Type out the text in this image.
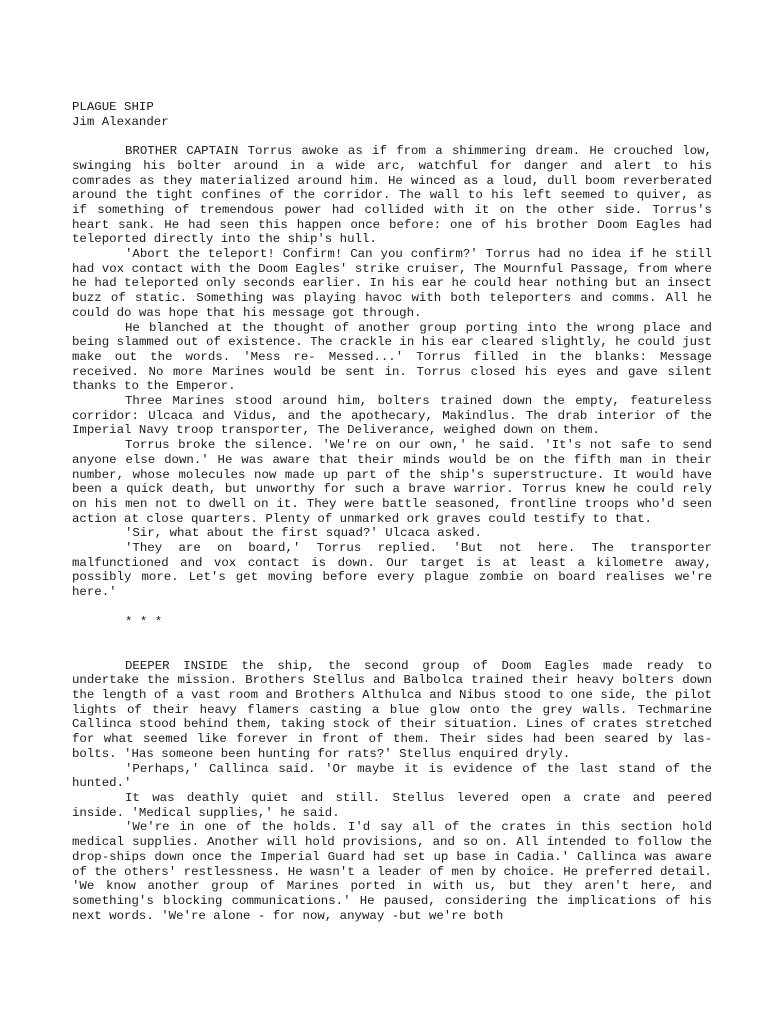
PLAGUE SHIP
Jim Alexander

BROTHER CAPTAIN Torrus awoke as if from a shimmering dream. He crouched low, swinging his bolter around in a wide arc, watchful for danger and alert to his comrades as they materialized around him. He winced as a loud, dull boom reverberated around the tight confines of the corridor. The wall to his left seemed to quiver, as if something of tremendous power had collided with it on the other side. Torrus's heart sank. He had seen this happen once before: one of his brother Doom Eagles had teleported directly into the ship's hull.

'Abort the teleport! Confirm! Can you confirm?' Torrus had no idea if he still had vox contact with the Doom Eagles' strike cruiser, The Mournful Passage, from where he had teleported only seconds earlier. In his ear he could hear nothing but an insect buzz of static. Something was playing havoc with both teleporters and comms. All he could do was hope that his message got through.

He blanched at the thought of another group porting into the wrong place and being slammed out of existence. The crackle in his ear cleared slightly, he could just make out the words. 'Mess re- Messed...' Torrus filled in the blanks: Message received. No more Marines would be sent in. Torrus closed his eyes and gave silent thanks to the Emperor.

Three Marines stood around him, bolters trained down the empty, featureless corridor: Ulcaca and Vidus, and the apothecary, Makindlus. The drab interior of the Imperial Navy troop transporter, The Deliverance, weighed down on them.

Torrus broke the silence. 'We're on our own,' he said. 'It's not safe to send anyone else down.' He was aware that their minds would be on the fifth man in their number, whose molecules now made up part of the ship's superstructure. It would have been a quick death, but unworthy for such a brave warrior. Torrus knew he could rely on his men not to dwell on it. They were battle seasoned, frontline troops who'd seen action at close quarters. Plenty of unmarked ork graves could testify to that.

'Sir, what about the first squad?' Ulcaca asked.

'They are on board,' Torrus replied. 'But not here. The transporter malfunctioned and vox contact is down. Our target is at least a kilometre away, possibly more. Let's get moving before every plague zombie on board realises we're here.'

* * *

DEEPER INSIDE the ship, the second group of Doom Eagles made ready to undertake the mission. Brothers Stellus and Balbolca trained their heavy bolters down the length of a vast room and Brothers Althulca and Nibus stood to one side, the pilot lights of their heavy flamers casting a blue glow onto the grey walls. Techmarine Callinca stood behind them, taking stock of their situation. Lines of crates stretched for what seemed like forever in front of them. Their sides had been seared by las-bolts. 'Has someone been hunting for rats?' Stellus enquired dryly.

'Perhaps,' Callinca said. 'Or maybe it is evidence of the last stand of the hunted.'

It was deathly quiet and still. Stellus levered open a crate and peered inside. 'Medical supplies,' he said.

'We're in one of the holds. I'd say all of the crates in this section hold medical supplies. Another will hold provisions, and so on. All intended to follow the drop-ships down once the Imperial Guard had set up base in Cadia.' Callinca was aware of the others' restlessness. He wasn't a leader of men by choice. He preferred detail. 'We know another group of Marines ported in with us, but they aren't here, and something's blocking communications.' He paused, considering the implications of his next words. 'We're alone - for now, anyway -but we're both
